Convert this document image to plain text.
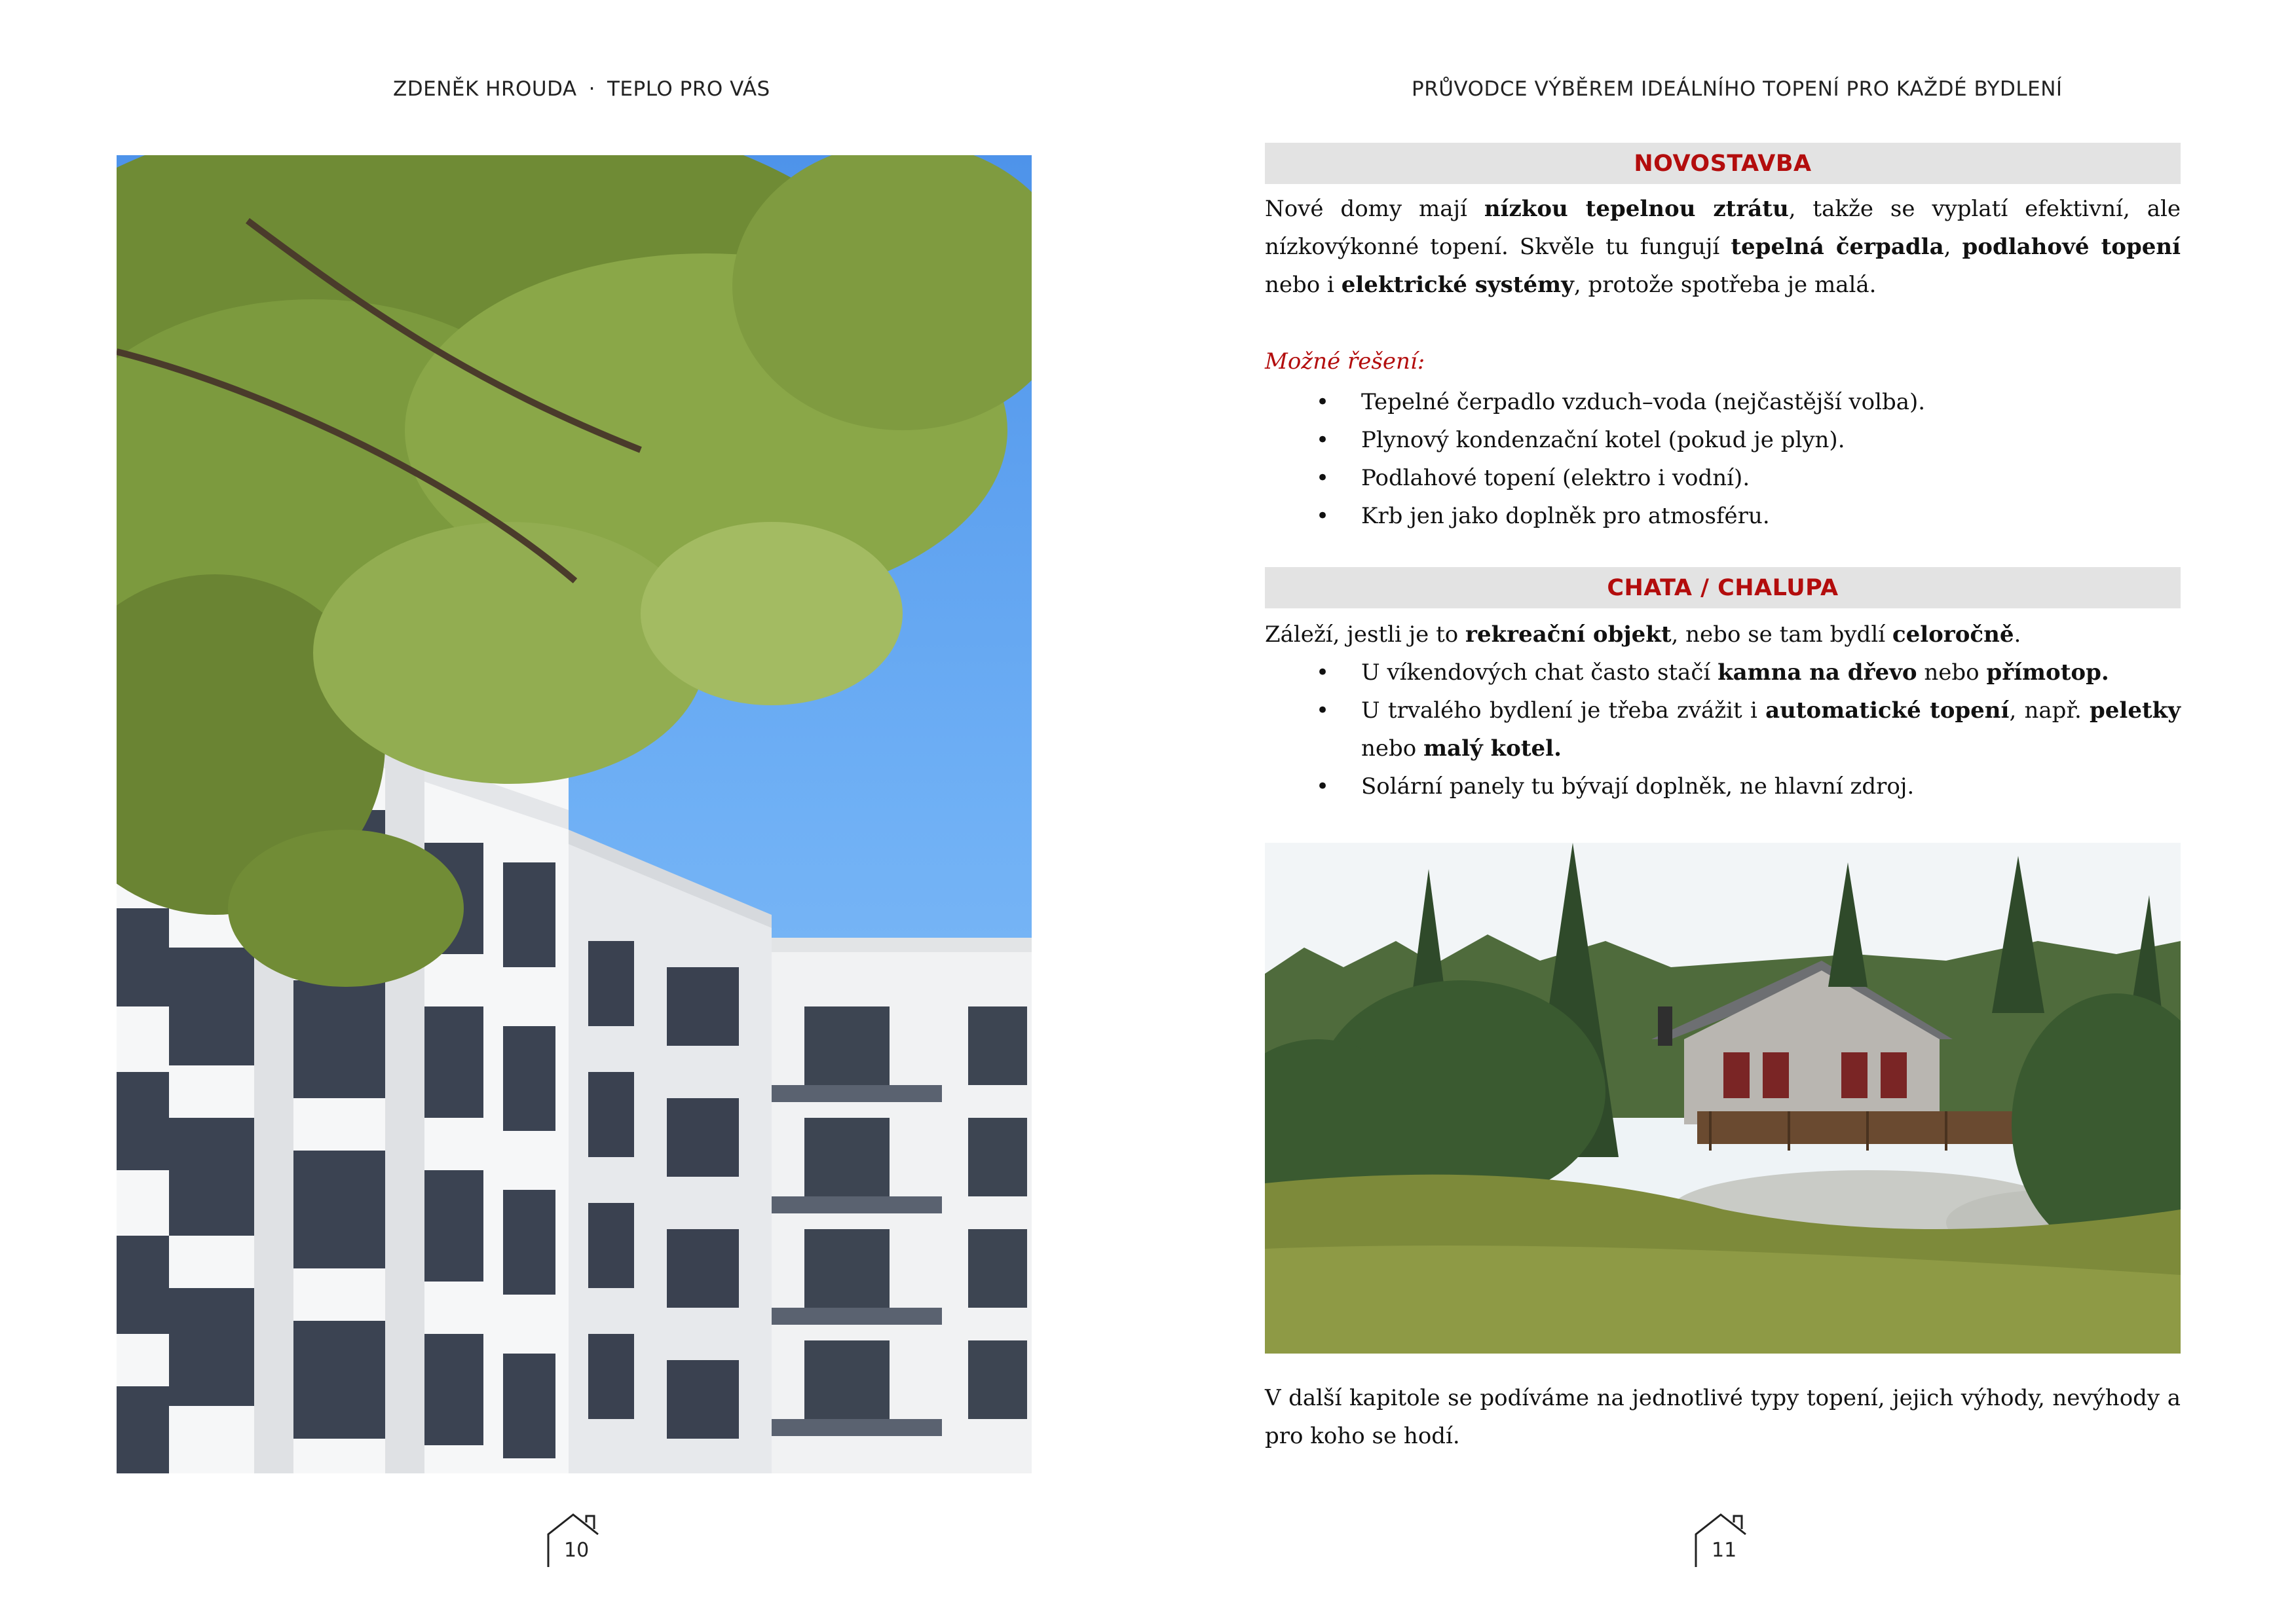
ZDENĚK HROUDA · TEPLO PRO VÁS
10
PRŮVODCE VÝBĚREM IDEÁLNÍHO TOPENÍ PRO KAŽDÉ BYDLENÍ
NOVOSTAVBA
Nové domy mají nízkou tepelnou ztrátu, takže se vyplatí efektivní, ale nízkovýkonné topení. Skvěle tu fungují tepelná čerpadla, podlahové topení nebo i elektrické systémy, protože spotřeba je malá.
Možné řešení:
• Tepelné čerpadlo vzduch–voda (nejčastější volba).
• Plynový kondenzační kotel (pokud je plyn).
• Podlahové topení (elektro i vodní).
• Krb jen jako doplněk pro atmosféru.
CHATA / CHALUPA
Záleží, jestli je to rekreační objekt, nebo se tam bydlí celoročně.
• U víkendových chat často stačí kamna na dřevo nebo přímotop.
• U trvalého bydlení je třeba zvážit i automatické topení, např. peletky nebo malý kotel.
• Solární panely tu bývají doplněk, ne hlavní zdroj.
V další kapitole se podíváme na jednotlivé typy topení, jejich výhody, nevýhody a pro koho se hodí.
11
